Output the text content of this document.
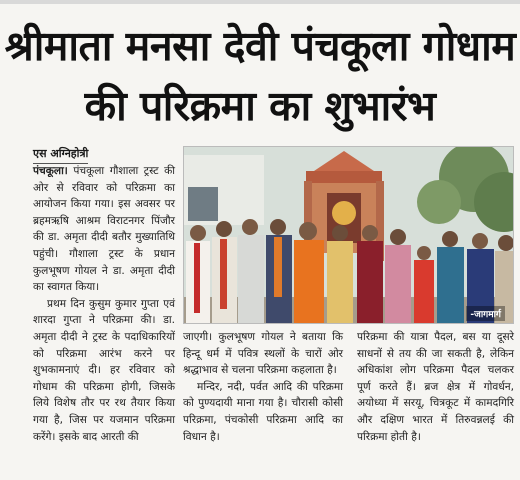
श्रीमाता मनसा देवी पंचकूला गोधाम
की परिक्रमा का शुभारंभ
एस अग्निहोत्री

पंचकूला। पंचकूला गौशाला ट्रस्ट की ओर से रविवार को परिक्रमा का आयोजन किया गया। इस अवसर पर ब्रहमऋषि आश्रम विराटनगर पिंजौर की डा. अमृता दीदी बतौर मुख्यातिथि पहुंची। गौशाला ट्रस्ट के प्रधान कुलभूषण गोयल ने डा. अमृता दीदी का स्वागत किया।

प्रथम दिन कुसुम कुमार गुप्ता एवं शारदा गुप्ता ने परिक्रमा की। डा. अमृता दीदी ने ट्रस्ट के पदाधिकारियों को परिक्रमा आरंभ करने पर शुभकामनाएं दी। हर रविवार को गोधाम की परिक्रमा होगी, जिसके लिये विशेष तौर पर रथ तैयार किया गया है, जिस पर यजमान परिक्रमा करेंगे। इसके बाद आरती की

-जागमार्ग

जाएगी। कुलभूषण गोयल ने बताया कि हिन्दू धर्म में पवित्र स्थलों के चारों ओर श्रद्धाभाव से चलना परिक्रमा कहलाता है।

मन्दिर, नदी, पर्वत आदि की परिक्रमा को पुण्यदायी माना गया है। चौरासी कोसी परिक्रमा, पंचकोसी परिक्रमा आदि का विधान है।

परिक्रमा की यात्रा पैदल, बस या दूसरे साधनों से तय की जा सकती है, लेकिन अधिकांश लोग परिक्रमा पैदल चलकर पूर्ण करते हैं। ब्रज क्षेत्र में गोवर्धन, अयोध्या में सरयू, चित्रकूट में कामदगिरि और दक्षिण भारत में तिरुवन्नलई की परिक्रमा होती है।
